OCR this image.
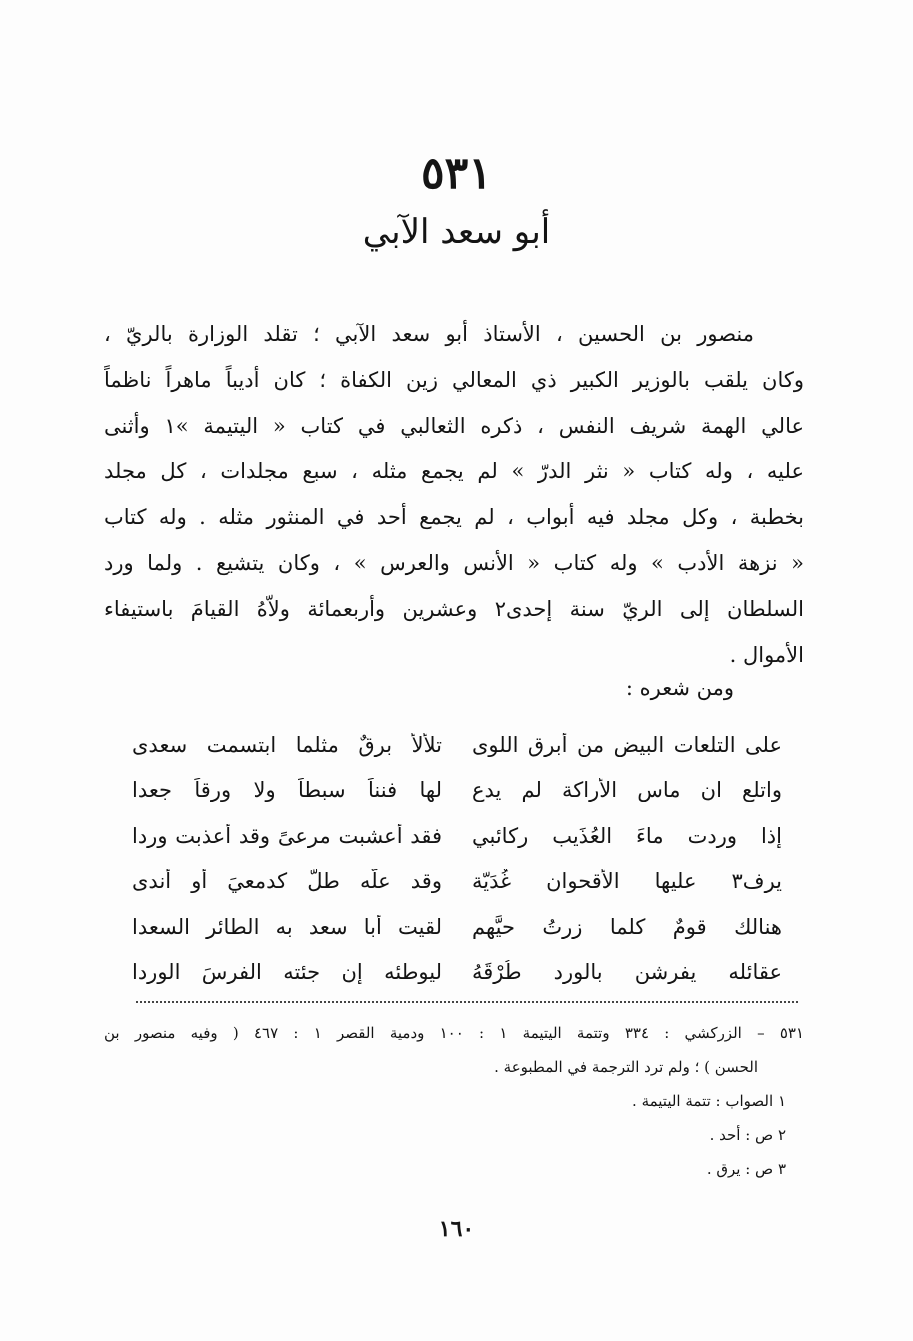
٥٣١
أبو سعد الآبي
منصور بن الحسين ، الأستاذ أبو سعد الآبي ؛ تقلد الوزارة بالريّ ،
وكان يلقب بالوزير الكبير ذي المعالي زين الكفاة ؛ كان أديباً ماهراً ناظماً
عالي الهمة شريف النفس ، ذكره الثعالبي في كتاب « اليتيمة »١ وأثنى
عليه ، وله كتاب « نثر الدرّ » لم يجمع مثله ، سبع مجلدات ، كل مجلد
بخطبة ، وكل مجلد فيه أبواب ، لم يجمع أحد في المنثور مثله . وله كتاب
« نزهة الأدب » وله كتاب « الأنس والعرس » ، وكان يتشيع . ولما ورد
السلطان إلى الريّ سنة إحدى٢ وعشرين وأربعمائة ولاّهُ القيامَ باستيفاء
الأموال .
ومن شعره :
على التلعات البيض من أبرق اللوى
تلألأ برقٌ مثلما ابتسمت سعدى
واتلع ان ماس الأراكة لم يدع
لها فنناً سبطاً ولا ورقاً جعدا
إذا وردت ماءَ العُذَيب ركائبي
فقد أعشبت مرعىً وقد أعذبت وردا
يرف٣ عليها الأقحوان غُدَيّة
وقد علّه طلّ كدمعيَ أو أندى
هنالك قومٌ كلما زرتُ حيَّهم
لقيت أبا سعد به الطائر السعدا
عقائله يفرشن بالورد طُرْقَهُ
ليوطئه إن جئته الفرسَ الوردا
٥٣١ – الزركشي : ٣٣٤ وتتمة اليتيمة ١ : ١٠٠ ودمية القصر ١ : ٤٦٧ ( وفيه منصور بن
الحسن ) ؛ ولم ترد الترجمة في المطبوعة .
١ الصواب : تتمة اليتيمة .
٢ ص : أحد .
٣ ص : يرق .
١٦٠
